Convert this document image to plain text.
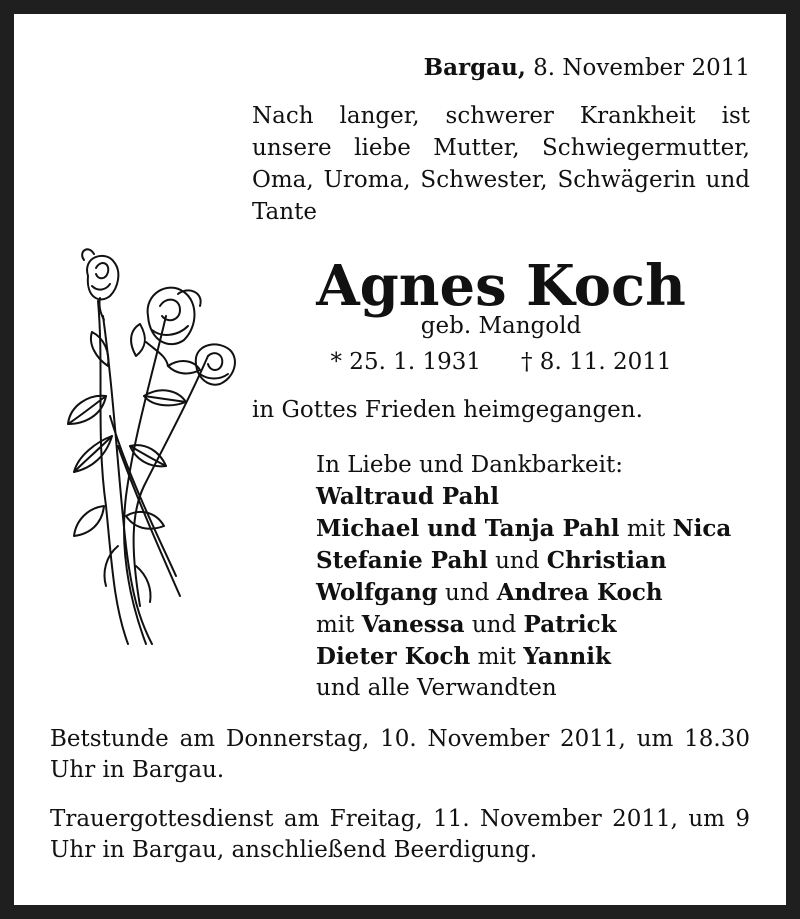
Bargau, 8. November 2011
Nach langer, schwerer Krankheit ist unsere liebe Mutter, Schwiegermutter, Oma, Uroma, Schwester, Schwägerin und Tante
Agnes Koch
geb. Mangold
* 25. 1. 1931 † 8. 11. 2011
in Gottes Frieden heimgegangen.
In Liebe und Dankbarkeit:
Waltraud Pahl
Michael und Tanja Pahl mit Nica
Stefanie Pahl und Christian
Wolfgang und Andrea Koch
mit Vanessa und Patrick
Dieter Koch mit Yannik
und alle Verwandten
Betstunde am Donnerstag, 10. November 2011, um 18.30 Uhr in Bargau.
Trauergottesdienst am Freitag, 11. November 2011, um 9 Uhr in Bargau, anschließend Beerdigung.
